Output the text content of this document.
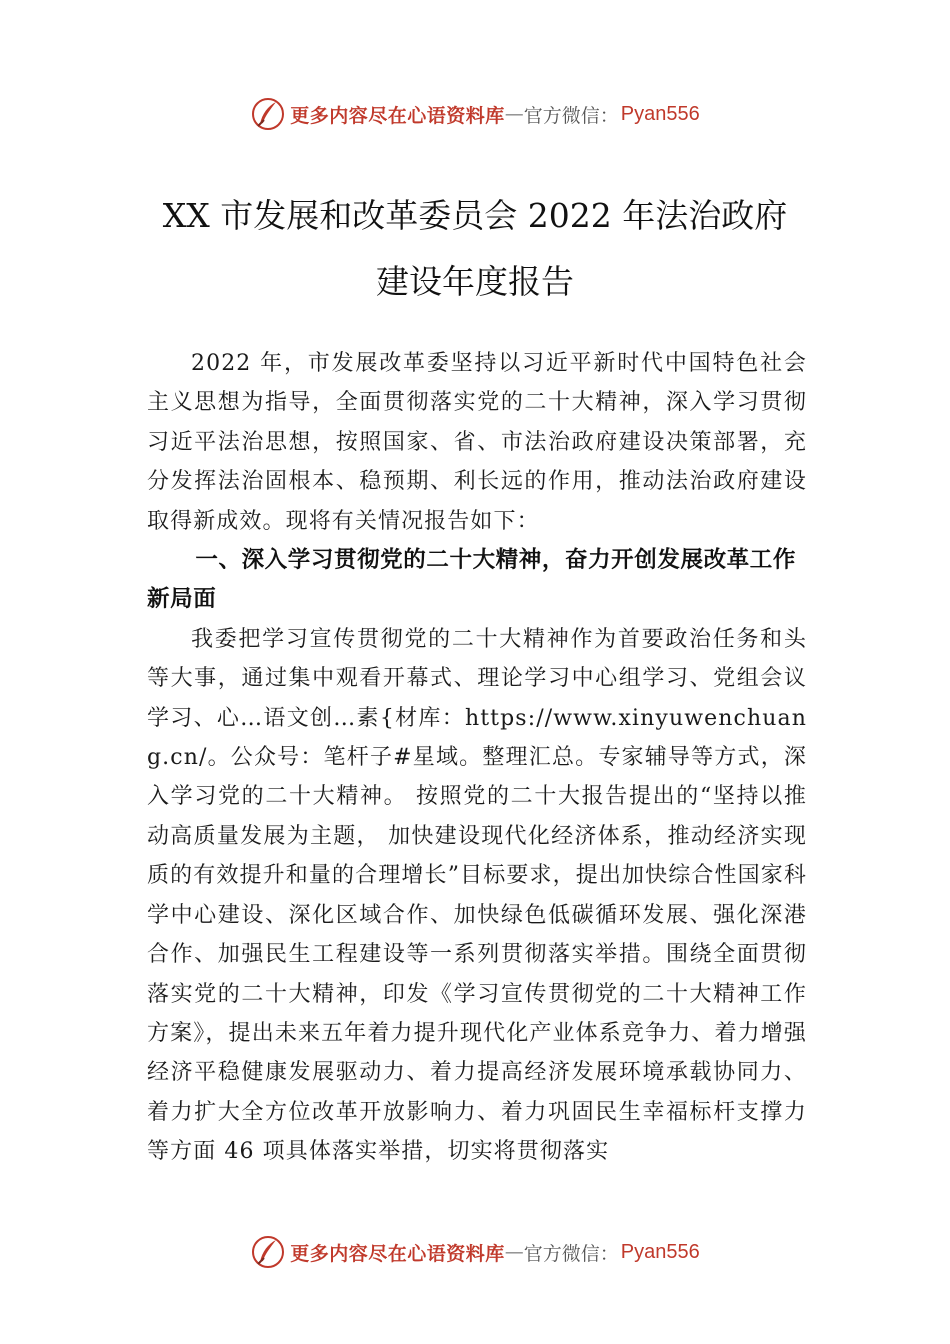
更多内容尽在心语资料库 — 官方微信： Pyan556
XX 市发展和改革委员会 2022 年法治政府
建设年度报告

2022 年，市发展改革委坚持以习近平新时代中国特色社会主义思想为指导，全面贯彻落实党的二十大精神，深入学习贯彻习近平法治思想，按照国家、省、市法治政府建设决策部署，充分发挥法治固根本、稳预期、利长远的作用，推动法治政府建设取得新成效。现将有关情况报告如下：

一、深入学习贯彻党的二十大精神，奋力开创发展改革工作新局面

我委把学习宣传贯彻党的二十大精神作为首要政治任务和头等大事，通过集中观看开幕式、理论学习中心组学习、党组会议学习、心…语文创…素{材库：https://www.xinyuwenchuang.cn/。公众号：笔杆子#星域。整理汇总。专家辅导等方式，深入学习党的二十大精神。 按照党的二十大报告提出的“坚持以推动高质量发展为主题， 加快建设现代化经济体系，推动经济实现质的有效提升和量的合理增长”目标要求，提出加快综合性国家科学中心建设、深化区域合作、加快绿色低碳循环发展、强化深港合作、加强民生工程建设等一系列贯彻落实举措。围绕全面贯彻落实党的二十大精神，印发《学习宣传贯彻党的二十大精神工作方案》，提出未来五年着力提升现代化产业体系竞争力、着力增强经济平稳健康发展驱动力、着力提高经济发展环境承载协同力、着力扩大全方位改革开放影响力、着力巩固民生幸福标杆支撑力等方面 46 项具体落实举措，切实将贯彻落实

更多内容尽在心语资料库 — 官方微信： Pyan556
